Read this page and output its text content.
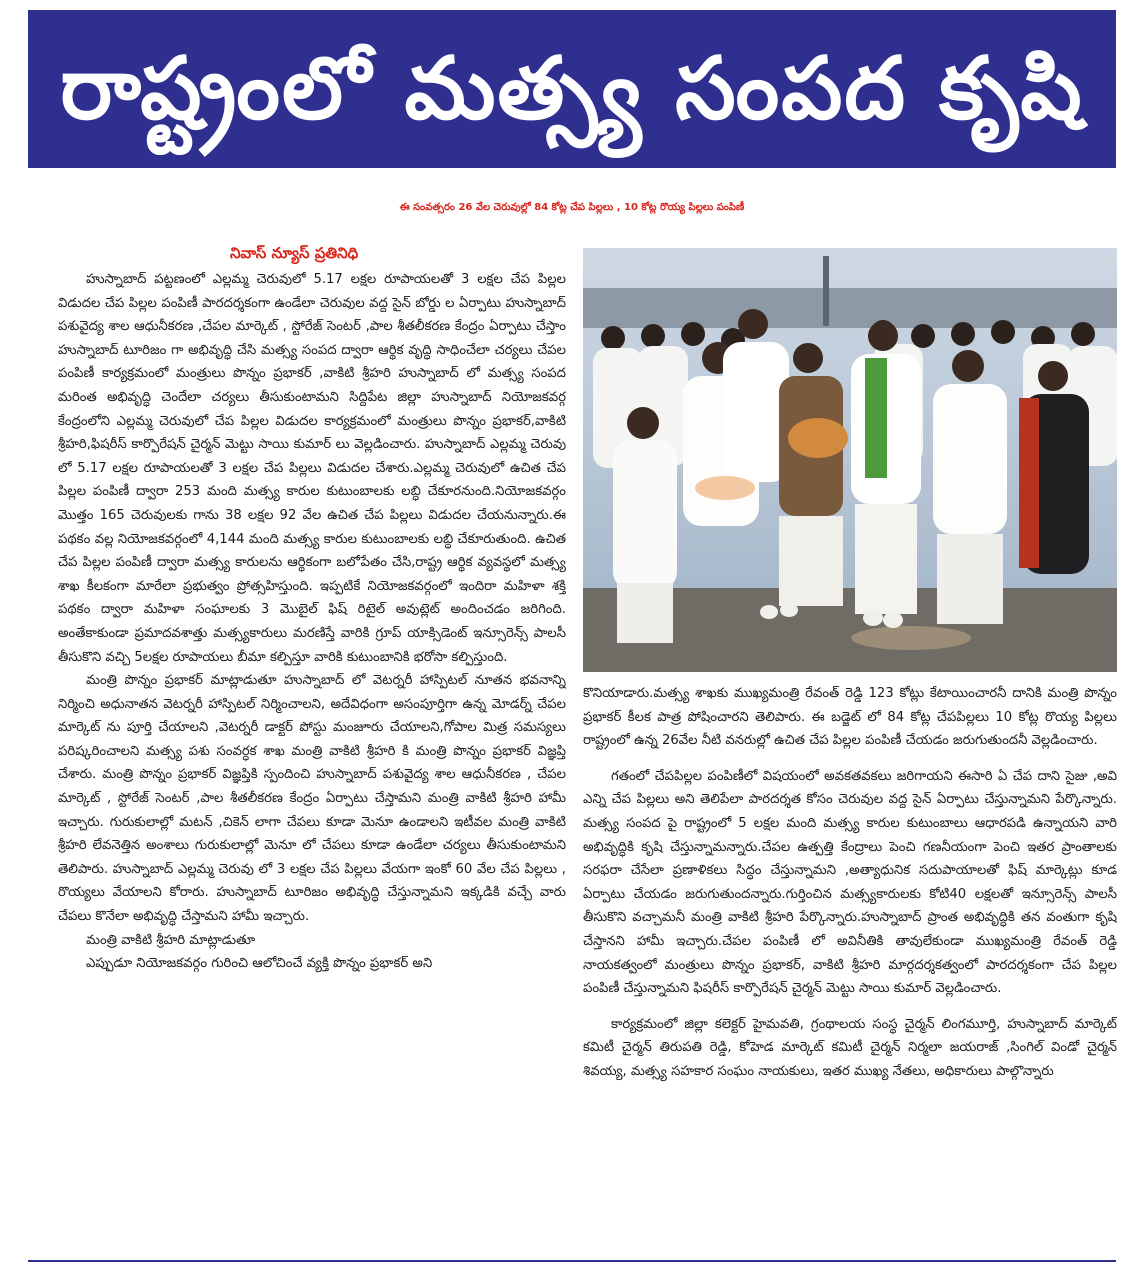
రాష్ట్రంలో మత్స్య సంపద కృషి
ఈ సంవత్సరం 26 వేల చెరువుల్లో 84 కోట్ల చేప పిల్లలు , 10 కోట్ల రొయ్య పిల్లలు పంపిణీ
నివాస్ న్యూస్ ప్రతినిధి

హుస్నాబాద్ పట్టణంలో ఎల్లమ్మ చెరువులో 5.17 లక్షల రూపాయలతో 3 లక్షల చేప పిల్లల విడుదల చేప పిల్లల పంపిణీ పారదర్శకంగా ఉండేలా చెరువుల వద్ద సైన్ బోర్డు ల ఏర్పాటు హుస్నాబాద్ పశువైద్య శాల ఆధునీకరణ ,చేపల మార్కెట్ , స్టోరేజ్ సెంటర్ ,పాల శీతలీకరణ కేంద్రం ఏర్పాటు చేస్తాం హుస్నాబాద్ టూరిజం గా అభివృద్ధి చేసి మత్స్య సంపద ద్వారా ఆర్థిక వృద్ధి సాధించేలా చర్యలు చేపల పంపిణీ కార్యక్రమంలో మంత్రులు పొన్నం ప్రభాకర్ ,వాకిటి శ్రీహరి హుస్నాబాద్ లో మత్స్య సంపద మరింత అభివృద్ధి చెందేలా చర్యలు తీసుకుంటామని సిద్దిపేట జిల్లా హుస్నాబాద్ నియోజకవర్గ కేంద్రంలోని ఎల్లమ్మ చెరువులో చేప పిల్లల విడుదల కార్యక్రమంలో మంత్రులు పొన్నం ప్రభాకర్,వాకిటి శ్రీహరి,ఫిషరీస్ కార్పొరేషన్ చైర్మన్ మెట్టు సాయి కుమార్ లు వెల్లడించారు. హుస్నాబాద్ ఎల్లమ్మ చెరువు లో 5.17 లక్షల రూపాయలతో 3 లక్షల చేప పిల్లలు విడుదల చేశారు.ఎల్లమ్మ చెరువులో ఉచిత చేప పిల్లల పంపిణీ ద్వారా 253 మంది మత్స్య కారుల కుటుంబాలకు లబ్ధి చేకూరనుంది.నియోజకవర్గం మొత్తం 165 చెరువులకు గాను 38 లక్షల 92 వేల ఉచిత చేప పిల్లలు విడుదల చేయనున్నారు.ఈ పథకం వల్ల నియోజకవర్గంలో 4,144 మంది మత్స్య కారుల కుటుంబాలకు లబ్ధి చేకూరుతుంది. ఉచిత చేప పిల్లల పంపిణీ ద్వారా మత్స్య కారులను ఆర్థికంగా బలోపేతం చేసి,రాష్ట్ర ఆర్థిక వ్యవస్థలో మత్స్య శాఖ కీలకంగా మారేలా ప్రభుత్వం ప్రోత్సహిస్తుంది. ఇప్పటికే నియోజకవర్గంలో ఇందిరా మహిళా శక్తి పథకం ద్వారా మహిళా సంఘాలకు 3 మొబైల్ ఫిష్ రిటైల్ అవుట్లెట్ అందించడం జరిగింది. అంతేకాకుండా ప్రమాదవశాత్తు మత్స్యకారులు మరణిస్తే వారికి గ్రూప్ యాక్సిడెంట్ ఇన్సూరెన్స్ పాలసీ తీసుకొని వచ్చి 5లక్షల రూపాయలు బీమా కల్పిస్తూ వారికి కుటుంబానికి భరోసా కల్పిస్తుంది.

మంత్రి పొన్నం ప్రభాకర్ మాట్లాడుతూ హుస్నాబాద్ లో వెటర్నరీ హాస్పిటల్ నూతన భవనాన్ని నిర్మించి అధునాతన వెటర్నరీ హాస్పిటల్ నిర్మించాలని, అదేవిధంగా అసంపూర్తిగా ఉన్న మోడర్న్ చేపల మార్కెట్ ను పూర్తి చేయాలని ,వెటర్నరీ డాక్టర్ పోస్టు మంజూరు చేయాలని,గోపాల మిత్ర సమస్యలు పరిష్కరించాలని మత్స్య పశు సంవర్ధక శాఖ మంత్రి వాకిటి శ్రీహరి కి మంత్రి పొన్నం ప్రభాకర్ విజ్ఞప్తి చేశారు. మంత్రి పొన్నం ప్రభాకర్ విజ్ఞప్తికి స్పందించి హుస్నాబాద్ పశువైద్య శాల ఆధునీకరణ , చేపల మార్కెట్ , స్టోరేజ్ సెంటర్ ,పాల శీతలీకరణ కేంద్రం ఏర్పాటు చేస్తామని మంత్రి వాకిటి శ్రీహరి హామీ ఇచ్చారు. గురుకులాల్లో మటన్ ,చికెన్ లాగా చేపలు కూడా మెనూ ఉండాలని ఇటీవల మంత్రి వాకిటి శ్రీహరి లేవనెత్తిన అంశాలు గురుకులాల్లో మెనూ లో చేపలు కూడా ఉండేలా చర్యలు తీసుకుంటామని తెలిపారు. హుస్నాబాద్ ఎల్లమ్మ చెరువు లో 3 లక్షల చేప పిల్లలు వేయగా ఇంకో 60 వేల చేప పిల్లలు , రొయ్యలు వేయాలని కోరారు. హుస్నాబాద్ టూరిజం అభివృద్ధి చేస్తున్నామని ఇక్కడికి వచ్చే వారు చేపలు కొనేలా అభివృద్ధి చేస్తామని హామీ ఇచ్చారు.

మంత్రి వాకిటి శ్రీహరి మాట్లాడుతూ

ఎప్పుడూ నియోజకవర్గం గురించి ఆలోచించే వ్యక్తి పొన్నం ప్రభాకర్ అని

కొనియాడారు.మత్స్య శాఖకు ముఖ్యమంత్రి రేవంత్ రెడ్డి 123 కోట్లు కేటాయించారనీ దానికి మంత్రి పొన్నం ప్రభాకర్ కీలక పాత్ర పోషించారని తెలిపారు. ఈ బడ్జెట్ లో 84 కోట్ల చేపపిల్లలు 10 కోట్ల రొయ్య పిల్లలు రాష్ట్రంలో ఉన్న 26వేల నీటి వనరుల్లో ఉచిత చేప పిల్లల పంపిణీ చేయడం జరుగుతుందనీ వెల్లడించారు.

గతంలో చేపపిల్లల పంపిణీలో విషయంలో అవకతవకలు జరిగాయని ఈసారి ఏ చేప దాని సైజు ,అవి ఎన్ని చేప పిల్లలు అని తెలిపేలా పారదర్శత కోసం చెరువుల వద్ద సైన్ ఏర్పాటు చేస్తున్నామని పేర్కొన్నారు. మత్స్య సంపద పై రాష్ట్రంలో 5 లక్షల మంది మత్స్య కారుల కుటుంబాలు ఆధారపడి ఉన్నాయని వారి అభివృద్ధికి కృషి చేస్తున్నామన్నారు.చేపల ఉత్పత్తి కేంద్రాలు పెంచి గణనీయంగా పెంచి ఇతర ప్రాంతాలకు సరఫరా చేసేలా ప్రణాళికలు సిద్ధం చేస్తున్నామని ,అత్యాధునిక సదుపాయాలతో ఫిష్ మార్కెట్లు కూడ ఏర్పాటు చేయడం జరుగుతుందన్నారు.గుర్తించిన మత్స్యకారులకు కోటి40 లక్షలతో ఇన్సూరెన్స్ పాలసీ తీసుకొని వచ్చామనీ మంత్రి వాకిటి శ్రీహరి పేర్కొన్నారు.హుస్నాబాద్ ప్రాంత అభివృద్ధికి తన వంతుగా కృషి చేస్తానని హామీ ఇచ్చారు.చేపల పంపిణీ లో అవినీతికి తావులేకుండా ముఖ్యమంత్రి రేవంత్ రెడ్డి నాయకత్వంలో మంత్రులు పొన్నం ప్రభాకర్, వాకిటి శ్రీహరి మార్గదర్శకత్వంలో పారదర్శకంగా చేప పిల్లల పంపిణీ చేస్తున్నామని ఫిషరీస్ కార్పొరేషన్ చైర్మన్ మెట్టు సాయి కుమార్ వెల్లడించారు.

కార్యక్రమంలో జిల్లా కలెక్టర్ హైమవతి, గ్రంథాలయ సంస్థ చైర్మన్ లింగమూర్తి, హుస్నాబాద్ మార్కెట్ కమిటీ చైర్మన్ తిరుపతి రెడ్డి, కోహెడ మార్కెట్ కమిటీ చైర్మన్ నిర్మలా జయరాజ్ ,సింగిల్ విండో చైర్మన్ శివయ్య, మత్స్య సహకార సంఘం నాయకులు, ఇతర ముఖ్య నేతలు, అధికారులు పాల్గొన్నారు
